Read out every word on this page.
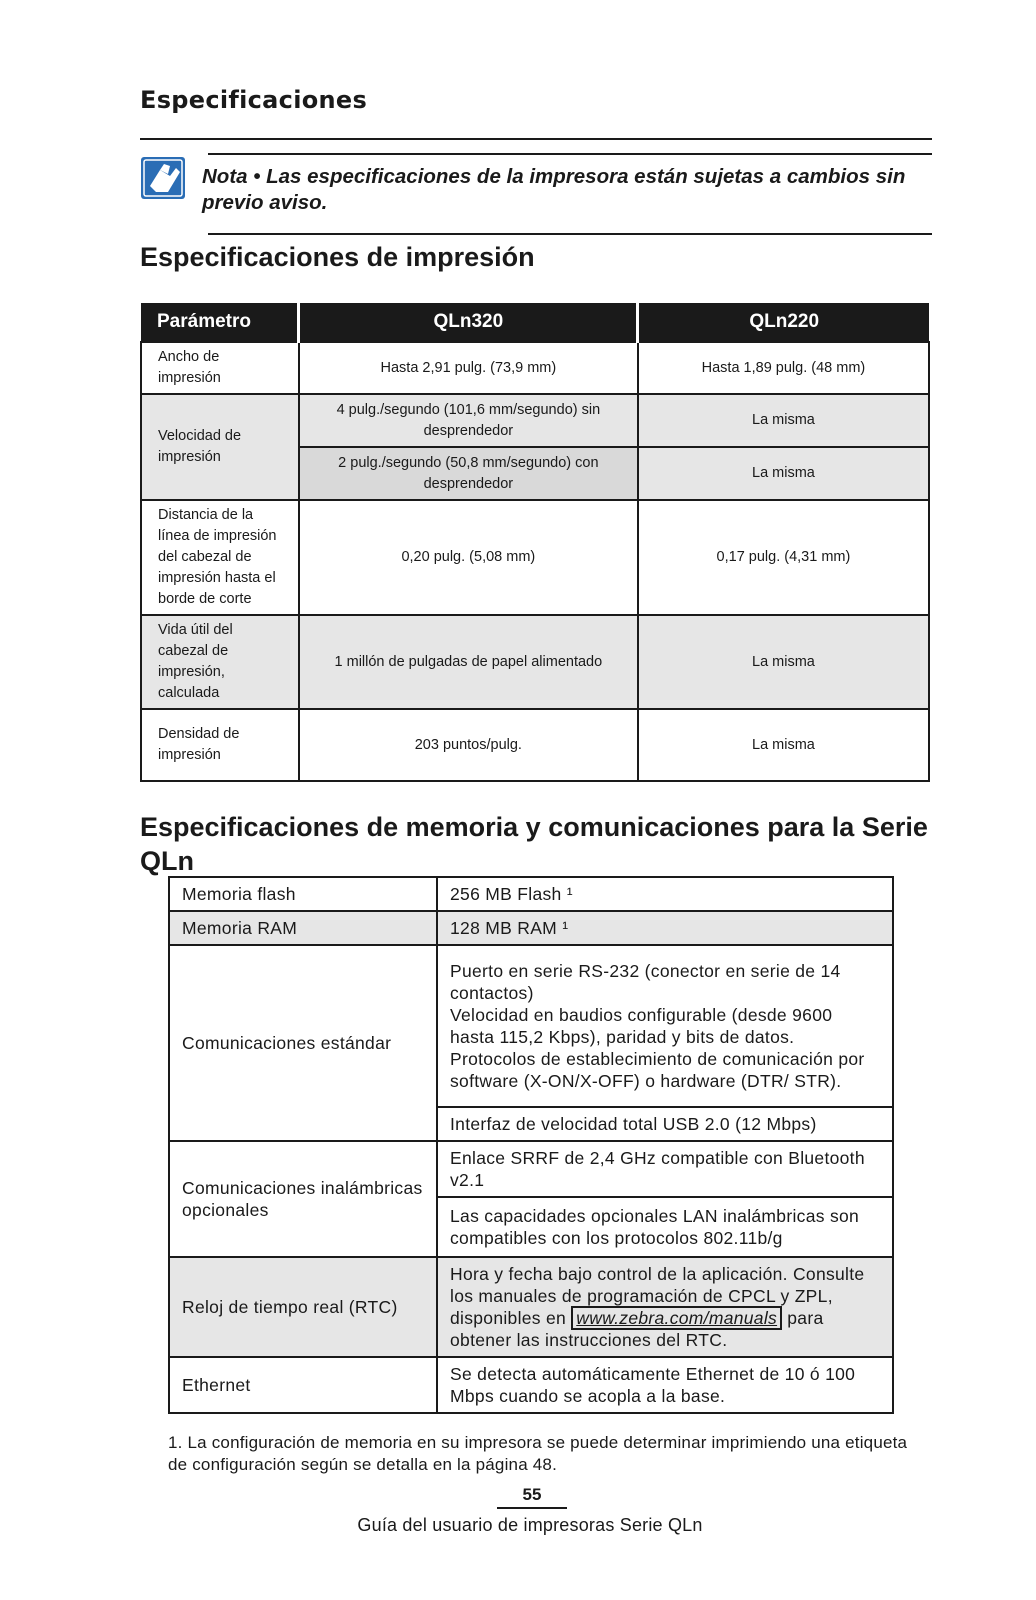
Especificaciones

Nota • Las especificaciones de la impresora están sujetas a cambios sin previo aviso.

Especificaciones de impresión
Parámetro	QLn320	QLn220
Ancho de impresión	Hasta 2,91 pulg. (73,9 mm)	Hasta 1,89 pulg. (48 mm)
Velocidad de impresión	4 pulg./segundo (101,6 mm/segundo) sin desprendedor	La misma
	2 pulg./segundo (50,8 mm/segundo) con desprendedor	La misma
Distancia de la línea de impresión del cabezal de impresión hasta el borde de corte	0,20 pulg. (5,08 mm)	0,17 pulg. (4,31 mm)
Vida útil del cabezal de impresión, calculada	1 millón de pulgadas de papel alimentado	La misma
Densidad de impresión	203 puntos/pulg.	La misma
Especificaciones de memoria y comunicaciones para la Serie QLn
Memoria flash	256 MB Flash ¹
Memoria RAM	128 MB RAM ¹
Comunicaciones estándar	Puerto en serie RS-232 (conector en serie de 14 contactos)
Velocidad en baudios configurable (desde 9600 hasta 115,2 Kbps), paridad y bits de datos.
Protocolos de establecimiento de comunicación por software (X-ON/X-OFF) o hardware (DTR/ STR).

	Interfaz de velocidad total USB 2.0 (12 Mbps)
Comunicaciones inalámbricas opcionales	Enlace SRRF de 2,4 GHz compatible con Bluetooth v2.1
	Las capacidades opcionales LAN inalámbricas son compatibles con los protocolos 802.11b/g
Reloj de tiempo real (RTC)	Hora y fecha bajo control de la aplicación. Consulte los manuales de programación de CPCL y ZPL, disponibles en www.zebra.com/manuals para obtener las instrucciones del RTC.
Ethernet	Se detecta automáticamente Ethernet de 10 ó 100 Mbps cuando se acopla a la base.

1. La configuración de memoria en su impresora se puede determinar imprimiendo una etiqueta de configuración según se detalla en la página 48.

55
Guía del usuario de impresoras Serie QLn
